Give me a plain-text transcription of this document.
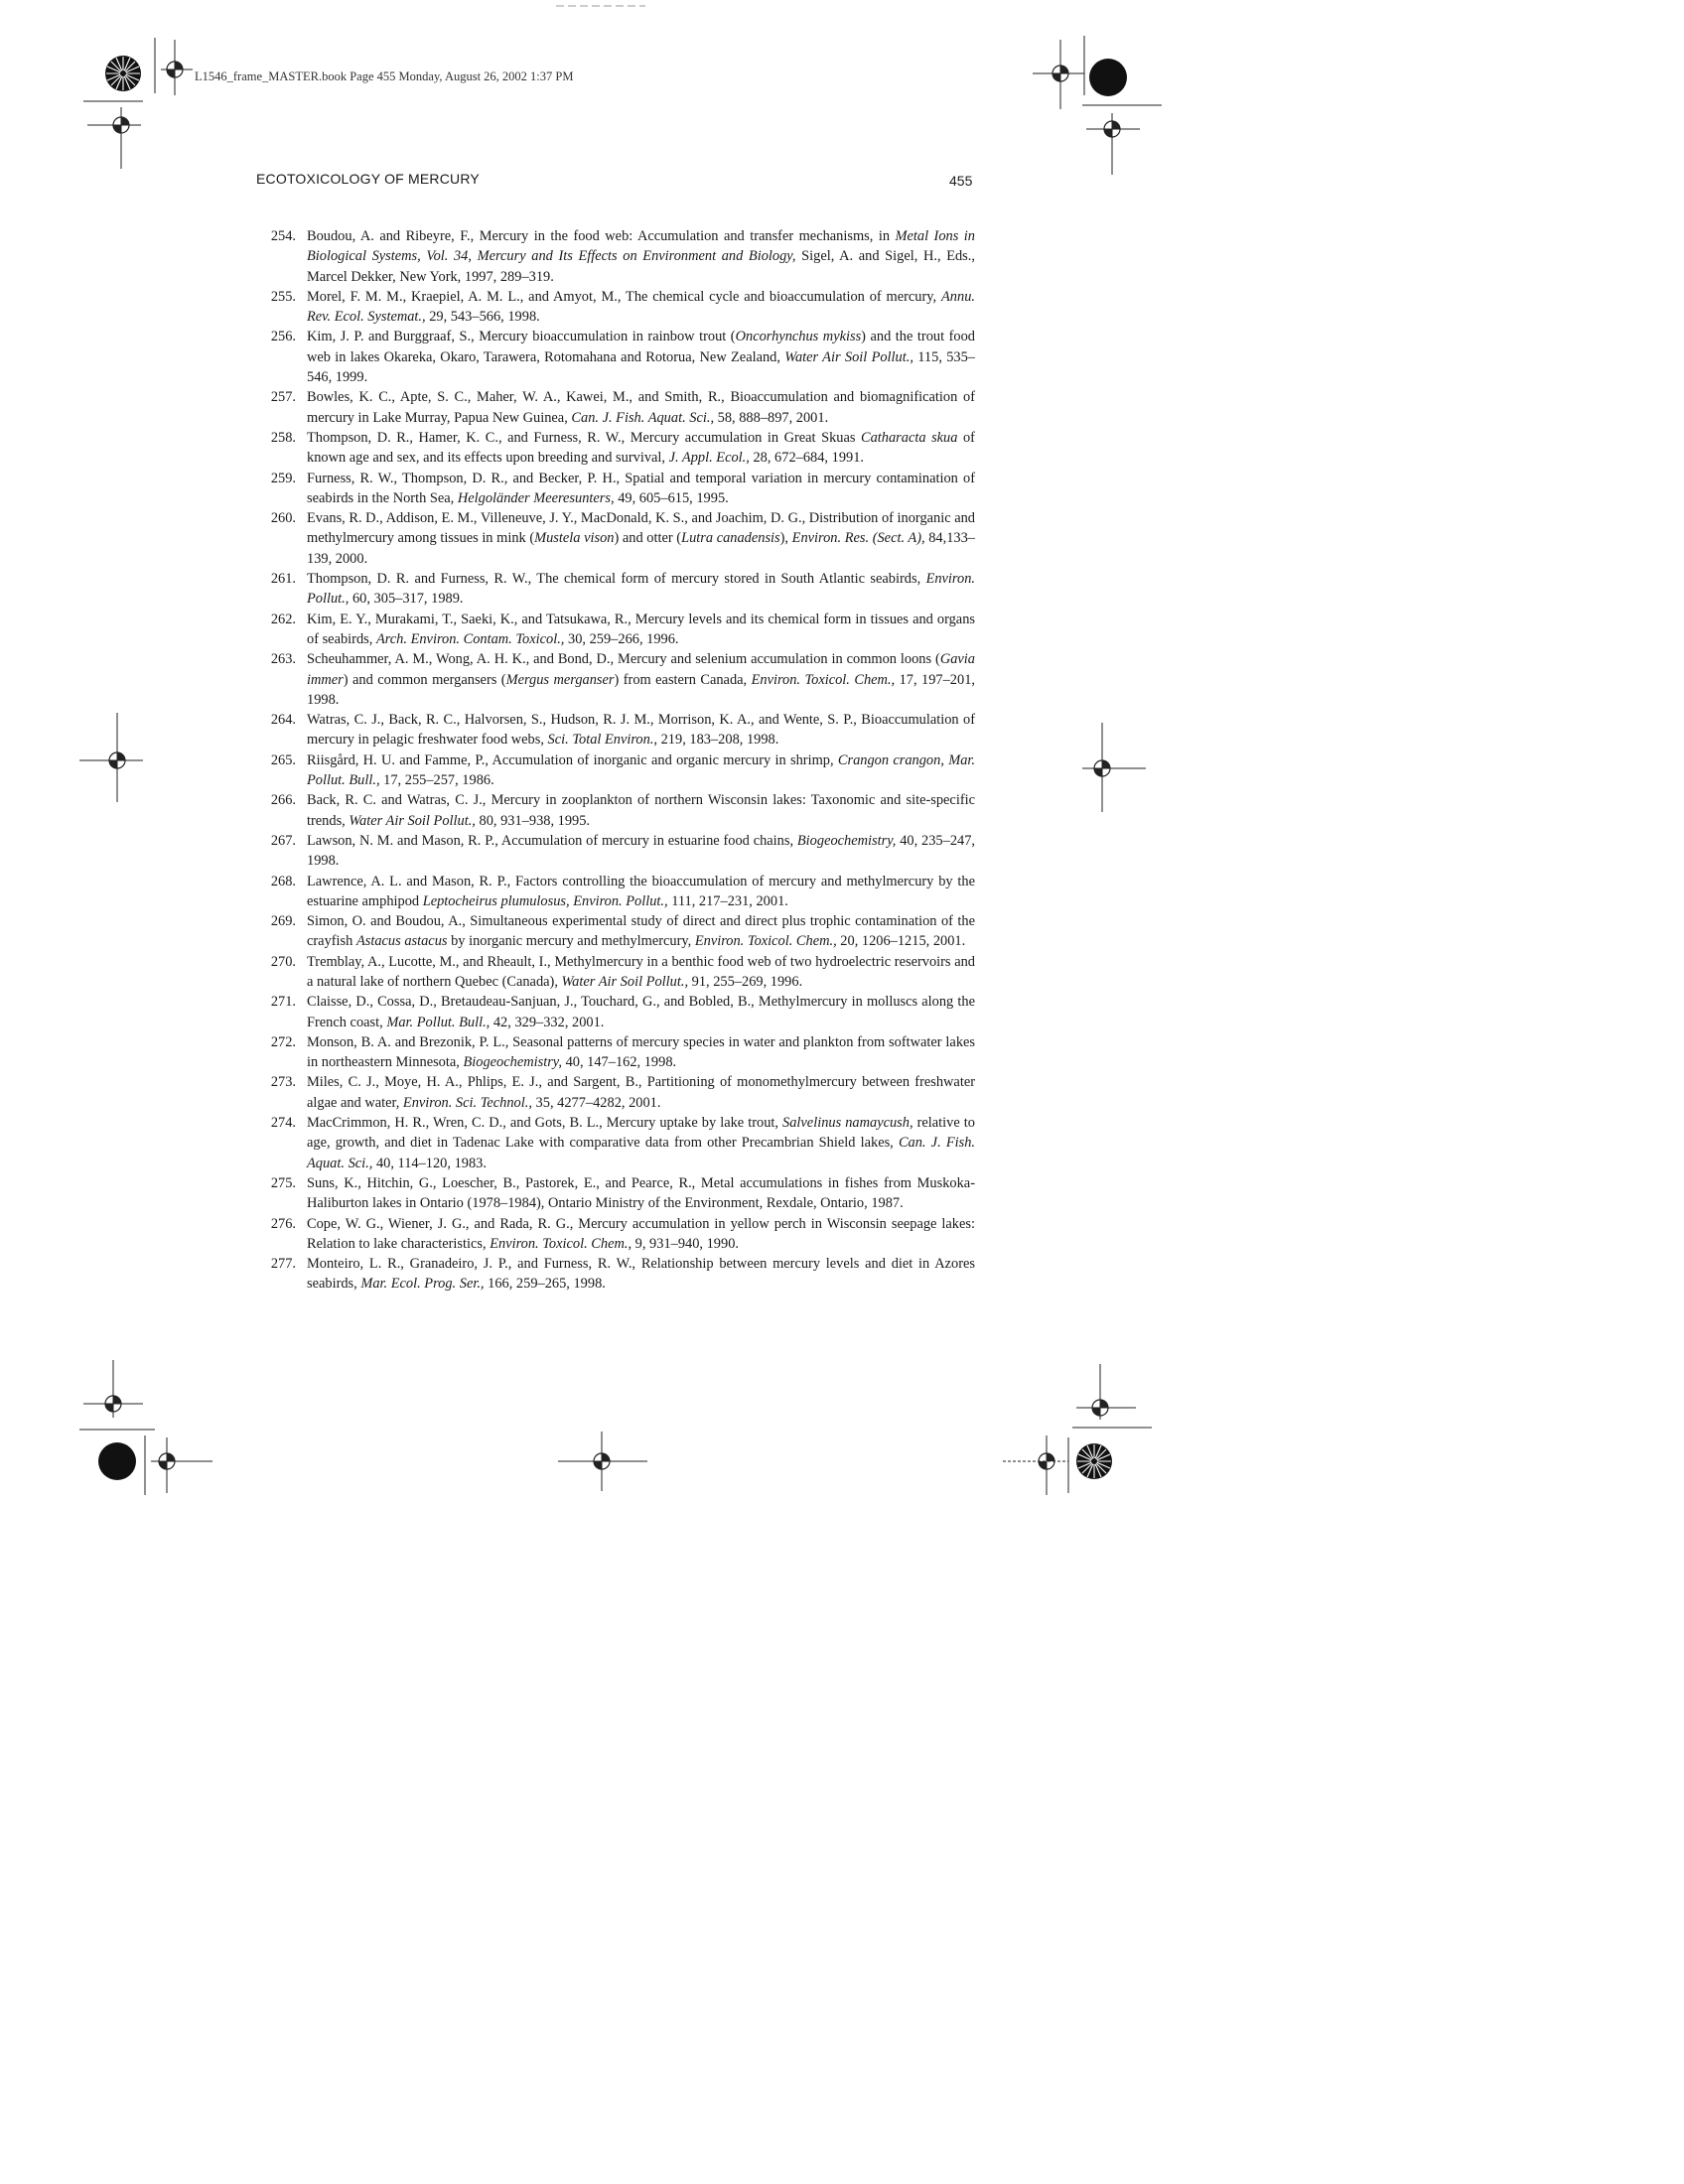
L1546_frame_MASTER.book Page 455 Monday, August 26, 2002 1:37 PM
ECOTOXICOLOGY OF MERCURY	455
254. Boudou, A. and Ribeyre, F., Mercury in the food web: Accumulation and transfer mechanisms, in Metal Ions in Biological Systems, Vol. 34, Mercury and Its Effects on Environment and Biology, Sigel, A. and Sigel, H., Eds., Marcel Dekker, New York, 1997, 289–319.
255. Morel, F. M. M., Kraepiel, A. M. L., and Amyot, M., The chemical cycle and bioaccumulation of mercury, Annu. Rev. Ecol. Systemat., 29, 543–566, 1998.
256. Kim, J. P. and Burggraaf, S., Mercury bioaccumulation in rainbow trout (Oncorhynchus mykiss) and the trout food web in lakes Okareka, Okaro, Tarawera, Rotomahana and Rotorua, New Zealand, Water Air Soil Pollut., 115, 535–546, 1999.
257. Bowles, K. C., Apte, S. C., Maher, W. A., Kawei, M., and Smith, R., Bioaccumulation and biomagnification of mercury in Lake Murray, Papua New Guinea, Can. J. Fish. Aquat. Sci., 58, 888–897, 2001.
258. Thompson, D. R., Hamer, K. C., and Furness, R. W., Mercury accumulation in Great Skuas Catharacta skua of known age and sex, and its effects upon breeding and survival, J. Appl. Ecol., 28, 672–684, 1991.
259. Furness, R. W., Thompson, D. R., and Becker, P. H., Spatial and temporal variation in mercury contamination of seabirds in the North Sea, Helgoländer Meeresunters, 49, 605–615, 1995.
260. Evans, R. D., Addison, E. M., Villeneuve, J. Y., MacDonald, K. S., and Joachim, D. G., Distribution of inorganic and methylmercury among tissues in mink (Mustela vison) and otter (Lutra canadensis), Environ. Res. (Sect. A), 84,133–139, 2000.
261. Thompson, D. R. and Furness, R. W., The chemical form of mercury stored in South Atlantic seabirds, Environ. Pollut., 60, 305–317, 1989.
262. Kim, E. Y., Murakami, T., Saeki, K., and Tatsukawa, R., Mercury levels and its chemical form in tissues and organs of seabirds, Arch. Environ. Contam. Toxicol., 30, 259–266, 1996.
263. Scheuhammer, A. M., Wong, A. H. K., and Bond, D., Mercury and selenium accumulation in common loons (Gavia immer) and common mergansers (Mergus merganser) from eastern Canada, Environ. Toxicol. Chem., 17, 197–201, 1998.
264. Watras, C. J., Back, R. C., Halvorsen, S., Hudson, R. J. M., Morrison, K. A., and Wente, S. P., Bioaccumulation of mercury in pelagic freshwater food webs, Sci. Total Environ., 219, 183–208, 1998.
265. Riisgård, H. U. and Famme, P., Accumulation of inorganic and organic mercury in shrimp, Crangon crangon, Mar. Pollut. Bull., 17, 255–257, 1986.
266. Back, R. C. and Watras, C. J., Mercury in zooplankton of northern Wisconsin lakes: Taxonomic and site-specific trends, Water Air Soil Pollut., 80, 931–938, 1995.
267. Lawson, N. M. and Mason, R. P., Accumulation of mercury in estuarine food chains, Biogeochemistry, 40, 235–247, 1998.
268. Lawrence, A. L. and Mason, R. P., Factors controlling the bioaccumulation of mercury and methylmercury by the estuarine amphipod Leptocheirus plumulosus, Environ. Pollut., 111, 217–231, 2001.
269. Simon, O. and Boudou, A., Simultaneous experimental study of direct and direct plus trophic contamination of the crayfish Astacus astacus by inorganic mercury and methylmercury, Environ. Toxicol. Chem., 20, 1206–1215, 2001.
270. Tremblay, A., Lucotte, M., and Rheault, I., Methylmercury in a benthic food web of two hydroelectric reservoirs and a natural lake of northern Quebec (Canada), Water Air Soil Pollut., 91, 255–269, 1996.
271. Claisse, D., Cossa, D., Bretaudeau-Sanjuan, J., Touchard, G., and Bobled, B., Methylmercury in molluscs along the French coast, Mar. Pollut. Bull., 42, 329–332, 2001.
272. Monson, B. A. and Brezonik, P. L., Seasonal patterns of mercury species in water and plankton from softwater lakes in northeastern Minnesota, Biogeochemistry, 40, 147–162, 1998.
273. Miles, C. J., Moye, H. A., Phlips, E. J., and Sargent, B., Partitioning of monomethylmercury between freshwater algae and water, Environ. Sci. Technol., 35, 4277–4282, 2001.
274. MacCrimmon, H. R., Wren, C. D., and Gots, B. L., Mercury uptake by lake trout, Salvelinus namaycush, relative to age, growth, and diet in Tadenac Lake with comparative data from other Precambrian Shield lakes, Can. J. Fish. Aquat. Sci., 40, 114–120, 1983.
275. Suns, K., Hitchin, G., Loescher, B., Pastorek, E., and Pearce, R., Metal accumulations in fishes from Muskoka-Haliburton lakes in Ontario (1978–1984), Ontario Ministry of the Environment, Rexdale, Ontario, 1987.
276. Cope, W. G., Wiener, J. G., and Rada, R. G., Mercury accumulation in yellow perch in Wisconsin seepage lakes: Relation to lake characteristics, Environ. Toxicol. Chem., 9, 931–940, 1990.
277. Monteiro, L. R., Granadeiro, J. P., and Furness, R. W., Relationship between mercury levels and diet in Azores seabirds, Mar. Ecol. Prog. Ser., 166, 259–265, 1998.
